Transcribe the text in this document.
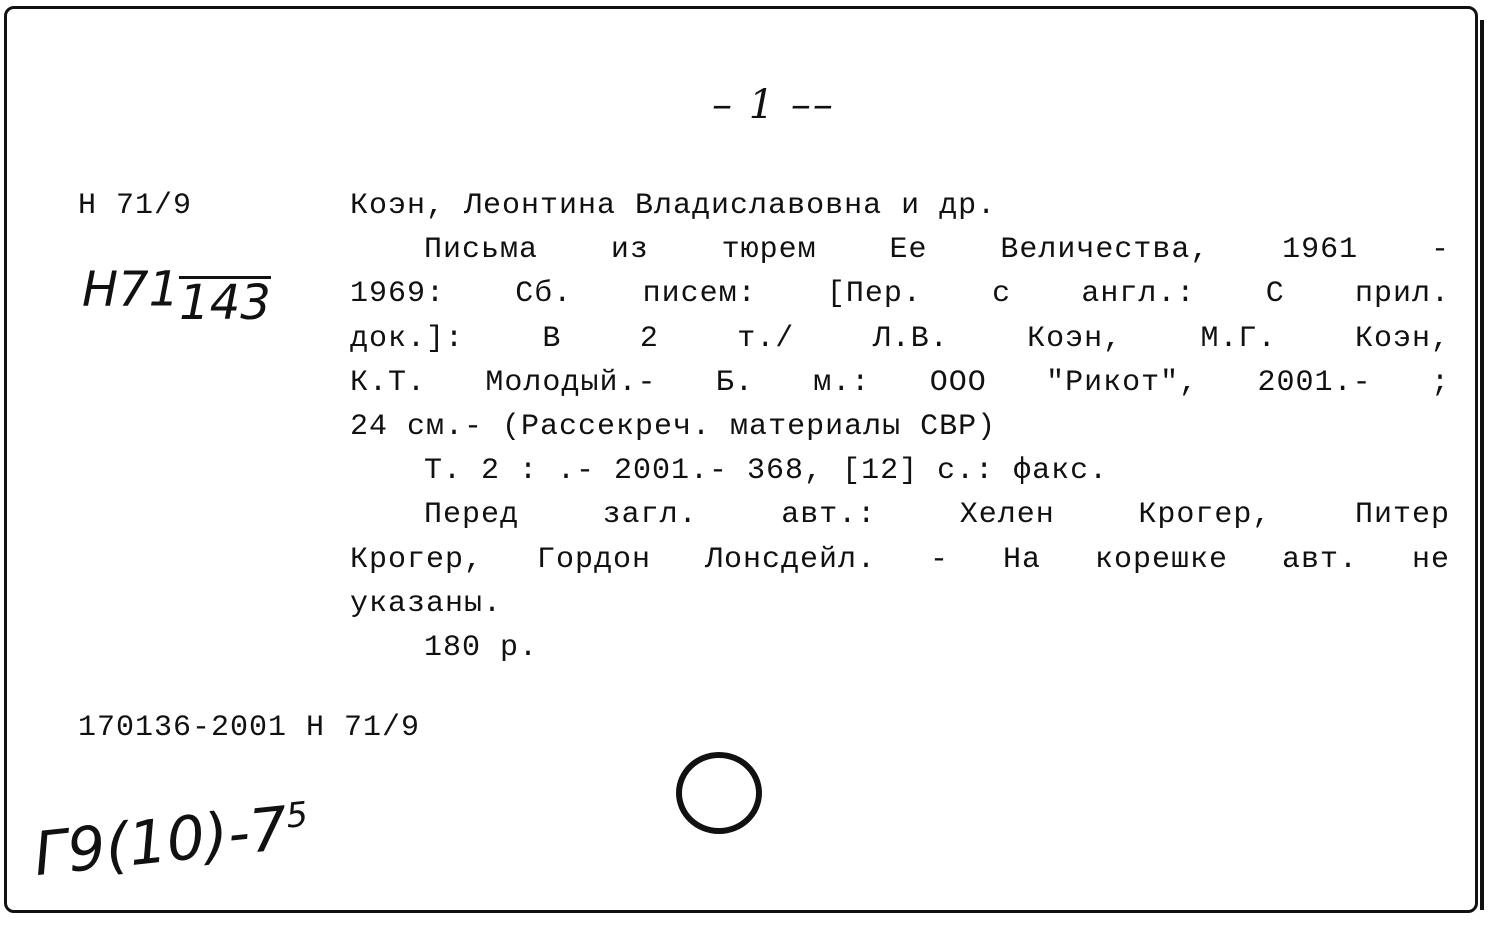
– 1 ––
Н 71/9
Н71 143
Коэн, Леонтина Владиславовна и др.
Письма из тюрем Ее Величества, 1961 -
1969: Сб. писем: [Пер. с англ.: С прил.
док.]: В 2 т./ Л.В. Коэн, М.Г. Коэн,
К.Т. Молодый.- Б. м.: ООО "Рикот", 2001.- ;
24 см.- (Рассекреч. материалы СВР)
Т. 2 : .- 2001.- 368, [12] с.: факс.
Перед загл. авт.: Хелен Крогер, Питер
Крогер, Гордон Лонсдейл. - На корешке авт. не
указаны.
180 р.
170136-2001 Н 71/9
$Г9(10)-7^5$
